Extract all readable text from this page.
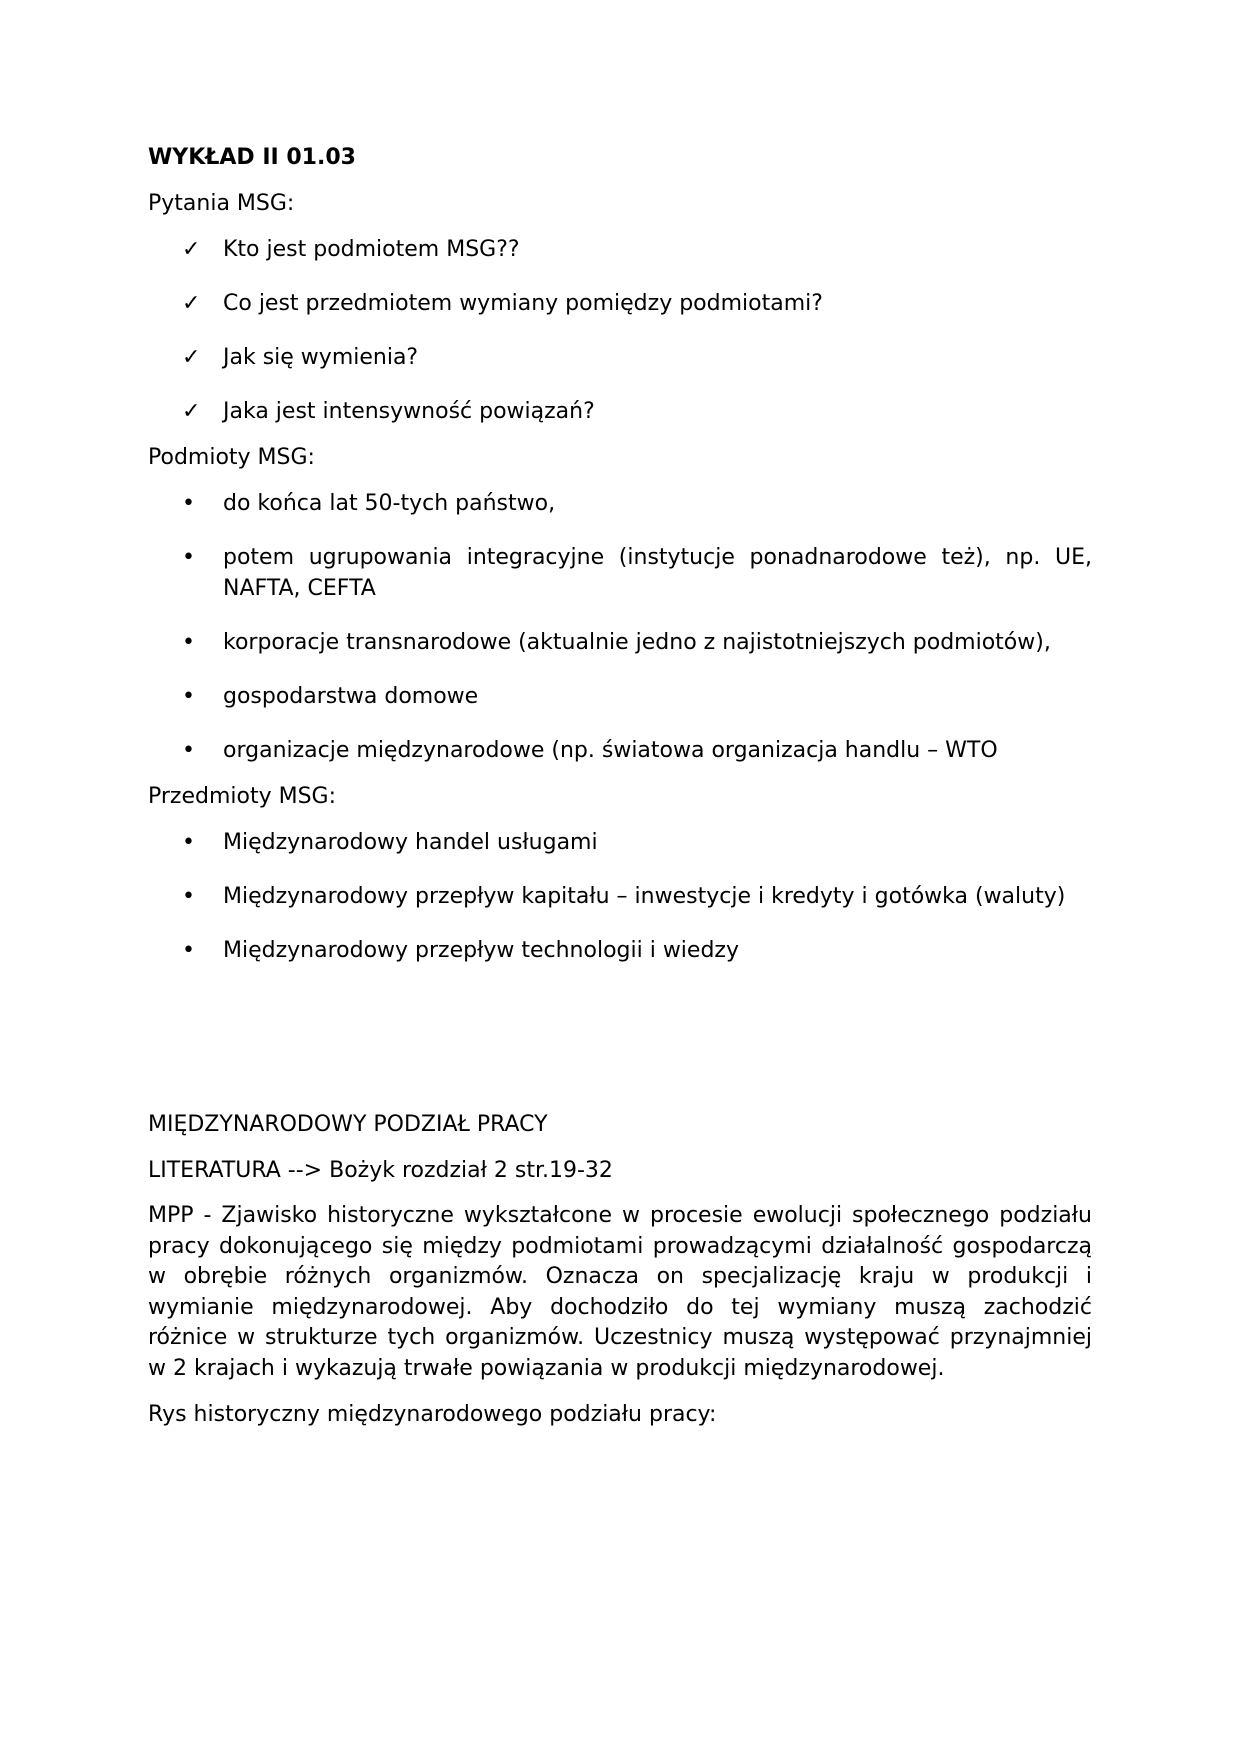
WYKŁAD II 01.03
Pytania MSG:
✓	Kto jest podmiotem MSG??
✓	Co jest przedmiotem wymiany pomiędzy podmiotami?
✓	Jak się wymienia?
✓	Jaka jest intensywność powiązań?
Podmioty MSG:
•	do końca lat 50-tych państwo,
•	potem ugrupowania integracyjne (instytucje ponadnarodowe też), np. UE, NAFTA, CEFTA
•	korporacje transnarodowe (aktualnie jedno z najistotniejszych podmiotów),
•	gospodarstwa domowe
•	organizacje międzynarodowe (np. światowa organizacja handlu – WTO
Przedmioty MSG:
•	Międzynarodowy handel usługami
•	Międzynarodowy przepływ kapitału – inwestycje i kredyty i gotówka (waluty)
•	Międzynarodowy przepływ technologii i wiedzy
MIĘDZYNARODOWY PODZIAŁ PRACY
LITERATURA --> Bożyk rozdział 2 str.19-32
MPP - Zjawisko historyczne wykształcone w procesie ewolucji społecznego podziału pracy dokonującego się między podmiotami prowadzącymi działalność gospodarczą w obrębie różnych organizmów. Oznacza on specjalizację kraju w produkcji i wymianie międzynarodowej. Aby dochodziło do tej wymiany muszą zachodzić różnice w strukturze tych organizmów. Uczestnicy muszą występować przynajmniej w 2 krajach i wykazują trwałe powiązania w produkcji międzynarodowej.
Rys historyczny międzynarodowego podziału pracy:
